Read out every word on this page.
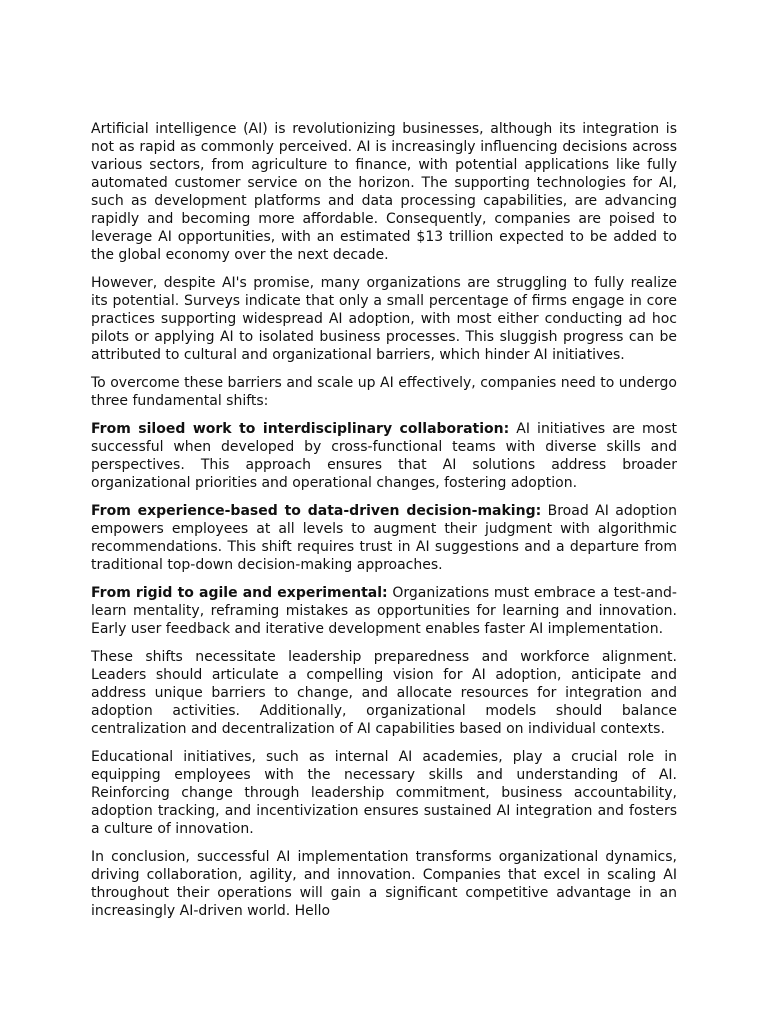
Artificial intelligence (AI) is revolutionizing businesses, although its integration is not as rapid as commonly perceived. AI is increasingly influencing decisions across various sectors, from agriculture to finance, with potential applications like fully automated customer service on the horizon. The supporting technologies for AI, such as development platforms and data processing capabilities, are advancing rapidly and becoming more affordable. Consequently, companies are poised to leverage AI opportunities, with an estimated $13 trillion expected to be added to the global economy over the next decade.

However, despite AI's promise, many organizations are struggling to fully realize its potential. Surveys indicate that only a small percentage of firms engage in core practices supporting widespread AI adoption, with most either conducting ad hoc pilots or applying AI to isolated business processes. This sluggish progress can be attributed to cultural and organizational barriers, which hinder AI initiatives.

To overcome these barriers and scale up AI effectively, companies need to undergo three fundamental shifts:

From siloed work to interdisciplinary collaboration: AI initiatives are most successful when developed by cross-functional teams with diverse skills and perspectives. This approach ensures that AI solutions address broader organizational priorities and operational changes, fostering adoption.

From experience-based to data-driven decision-making: Broad AI adoption empowers employees at all levels to augment their judgment with algorithmic recommendations. This shift requires trust in AI suggestions and a departure from traditional top-down decision-making approaches.

From rigid to agile and experimental: Organizations must embrace a test-and-learn mentality, reframing mistakes as opportunities for learning and innovation. Early user feedback and iterative development enables faster AI implementation.

These shifts necessitate leadership preparedness and workforce alignment. Leaders should articulate a compelling vision for AI adoption, anticipate and address unique barriers to change, and allocate resources for integration and adoption activities. Additionally, organizational models should balance centralization and decentralization of AI capabilities based on individual contexts.

Educational initiatives, such as internal AI academies, play a crucial role in equipping employees with the necessary skills and understanding of AI. Reinforcing change through leadership commitment, business accountability, adoption tracking, and incentivization ensures sustained AI integration and fosters a culture of innovation.

In conclusion, successful AI implementation transforms organizational dynamics, driving collaboration, agility, and innovation. Companies that excel in scaling AI throughout their operations will gain a significant competitive advantage in an increasingly AI-driven world. Hello
